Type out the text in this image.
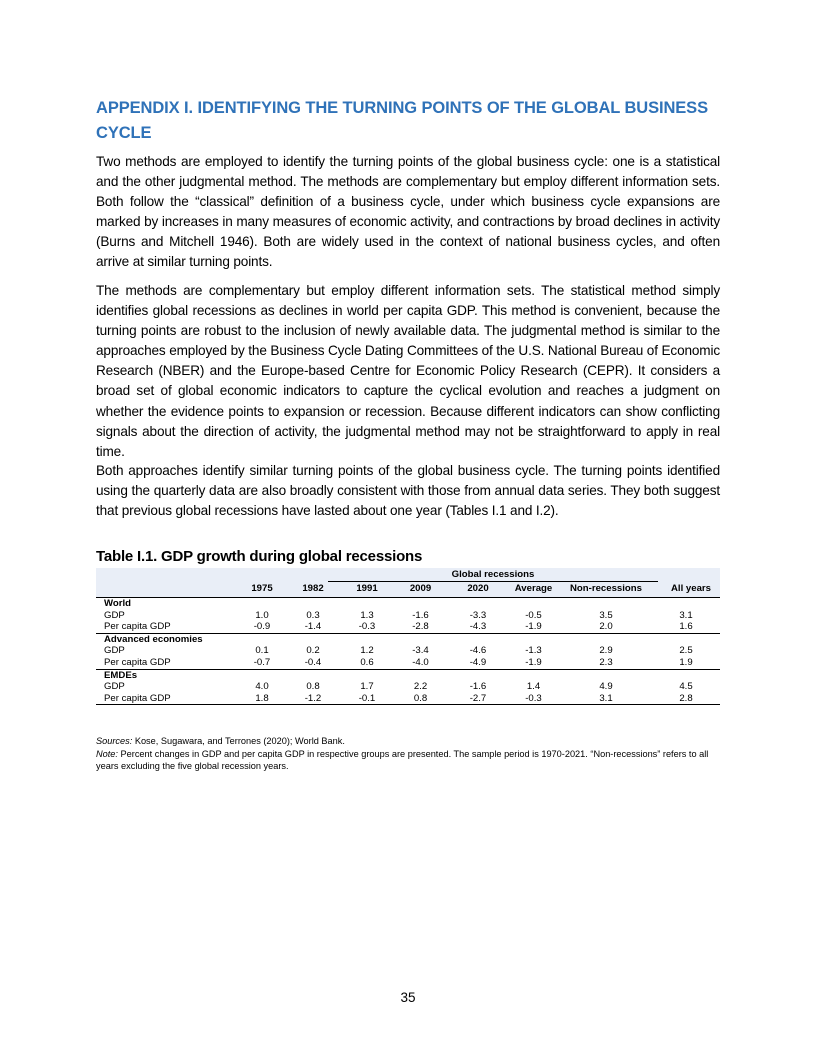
APPENDIX I. IDENTIFYING THE TURNING POINTS OF THE GLOBAL BUSINESS CYCLE

Two methods are employed to identify the turning points of the global business cycle: one is a statistical and the other judgmental method. The methods are complementary but employ different information sets. Both follow the “classical” definition of a business cycle, under which business cycle expansions are marked by increases in many measures of economic activity, and contractions by broad declines in activity (Burns and Mitchell 1946). Both are widely used in the context of national business cycles, and often arrive at similar turning points.

The methods are complementary but employ different information sets. The statistical method simply identifies global recessions as declines in world per capita GDP. This method is convenient, because the turning points are robust to the inclusion of newly available data. The judgmental method is similar to the approaches employed by the Business Cycle Dating Committees of the U.S. National Bureau of Economic Research (NBER) and the Europe-based Centre for Economic Policy Research (CEPR). It considers a broad set of global economic indicators to capture the cyclical evolution and reaches a judgment on whether the evidence points to expansion or recession. Because different indicators can show conflicting signals about the direction of activity, the judgmental method may not be straightforward to apply in real time.

Both approaches identify similar turning points of the global business cycle. The turning points identified using the quarterly data are also broadly consistent with those from annual data series. They both suggest that previous global recessions have lasted about one year (Tables I.1 and I.2).

Table I.1. GDP growth during global recessions
Global recessions
1975	1982	1991	2009	2020	Average	Non-recessions	All years
World
GDP	1.0	0.3	1.3	-1.6	-3.3	-0.5	3.5	3.1
Per capita GDP	-0.9	-1.4	-0.3	-2.8	-4.3	-1.9	2.0	1.6
Advanced economies
GDP	0.1	0.2	1.2	-3.4	-4.6	-1.3	2.9	2.5
Per capita GDP	-0.7	-0.4	0.6	-4.0	-4.9	-1.9	2.3	1.9
EMDEs
GDP	4.0	0.8	1.7	2.2	-1.6	1.4	4.9	4.5
Per capita GDP	1.8	-1.2	-0.1	0.8	-2.7	-0.3	3.1	2.8

Sources: Kose, Sugawara, and Terrones (2020); World Bank.

Note: Percent changes in GDP and per capita GDP in respective groups are presented. The sample period is 1970-2021. “Non-recessions” refers to all years excluding the five global recession years.

35
